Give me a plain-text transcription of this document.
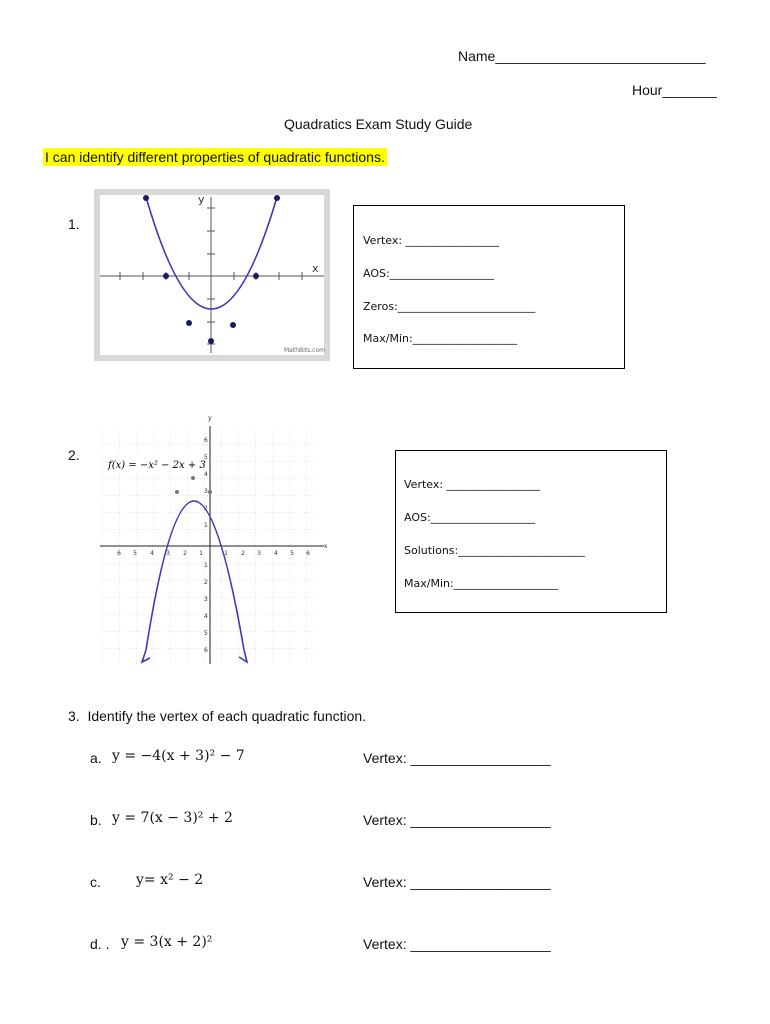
Name___________________________
Hour_______
Quadratics Exam Study Guide
I can identify different properties of quadratic functions.
1.
y
x
MathBits.com
Vertex: _________________
AOS:___________________
Zeros:_________________________
Max/Min:___________________
2.
y
x
6 5 4 3 2 1	1 2 3 4 5 6
6
5
4
3
2
1
1
2
3
4
5
6
f(x) = −x² − 2x + 3
Vertex: _________________
AOS:___________________
Solutions:_______________________
Max/Min:___________________
3.  Identify the vertex of each quadratic function.
a. y = −4(x + 3)² − 7	Vertex: __________________
b. y = 7(x − 3)² + 2	Vertex: __________________
c.	y= x² − 2	Vertex: __________________
d. . y = 3(x + 2)²	Vertex: __________________
